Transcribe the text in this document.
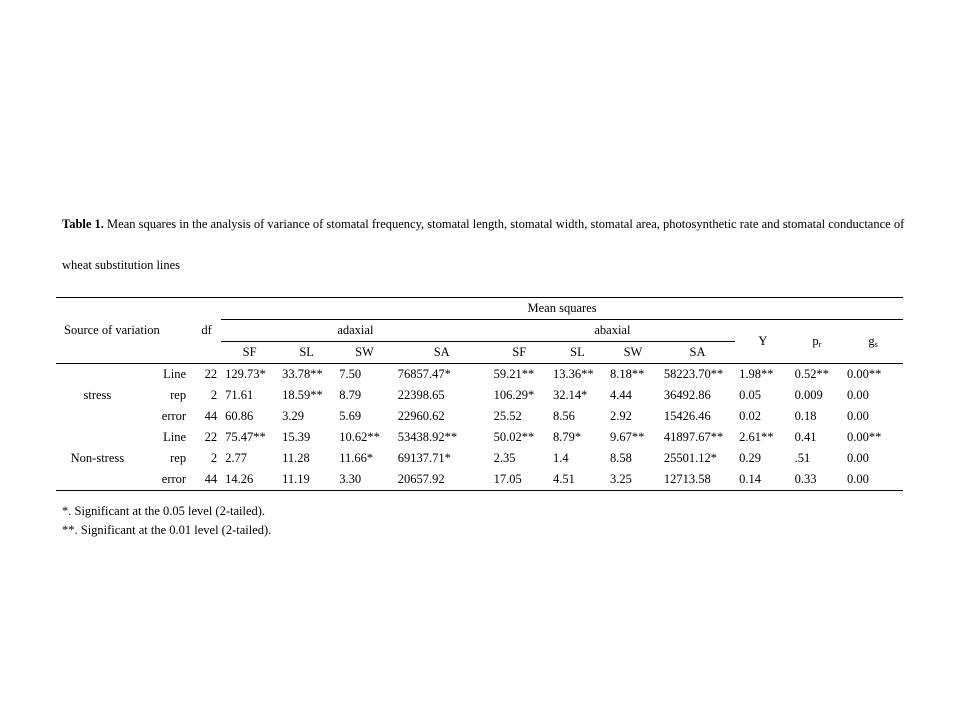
Table 1. Mean squares in the analysis of variance of stomatal frequency, stomatal length, stomatal width, stomatal area, photosynthetic rate and stomatal conductance of wheat substitution lines
Source of variation		df	Mean squares										
			adaxial				abaxial				Y	$p_r$	$g_s$
			SF	SL	SW	SA	SF	SL	SW	SA			
stress	Line	22	129.73*	33.78**	7.50	76857.47*	59.21**	13.36**	8.18**	58223.70**	1.98**	0.52**	0.00**
	rep	2	71.61	18.59**	8.79	22398.65	106.29*	32.14*	4.44	36492.86	0.05	0.009	0.00
	error	44	60.86	3.29	5.69	22960.62	25.52	8.56	2.92	15426.46	0.02	0.18	0.00
Non-stress	Line	22	75.47**	15.39	10.62**	53438.92**	50.02**	8.79*	9.67**	41897.67**	2.61**	0.41	0.00**
	rep	2	2.77	11.28	11.66*	69137.71*	2.35	1.4	8.58	25501.12*	0.29	.51	0.00
	error	44	14.26	11.19	3.30	20657.92	17.05	4.51	3.25	12713.58	0.14	0.33	0.00
*. Significant at the 0.05 level (2-tailed).
**. Significant at the 0.01 level (2-tailed).
